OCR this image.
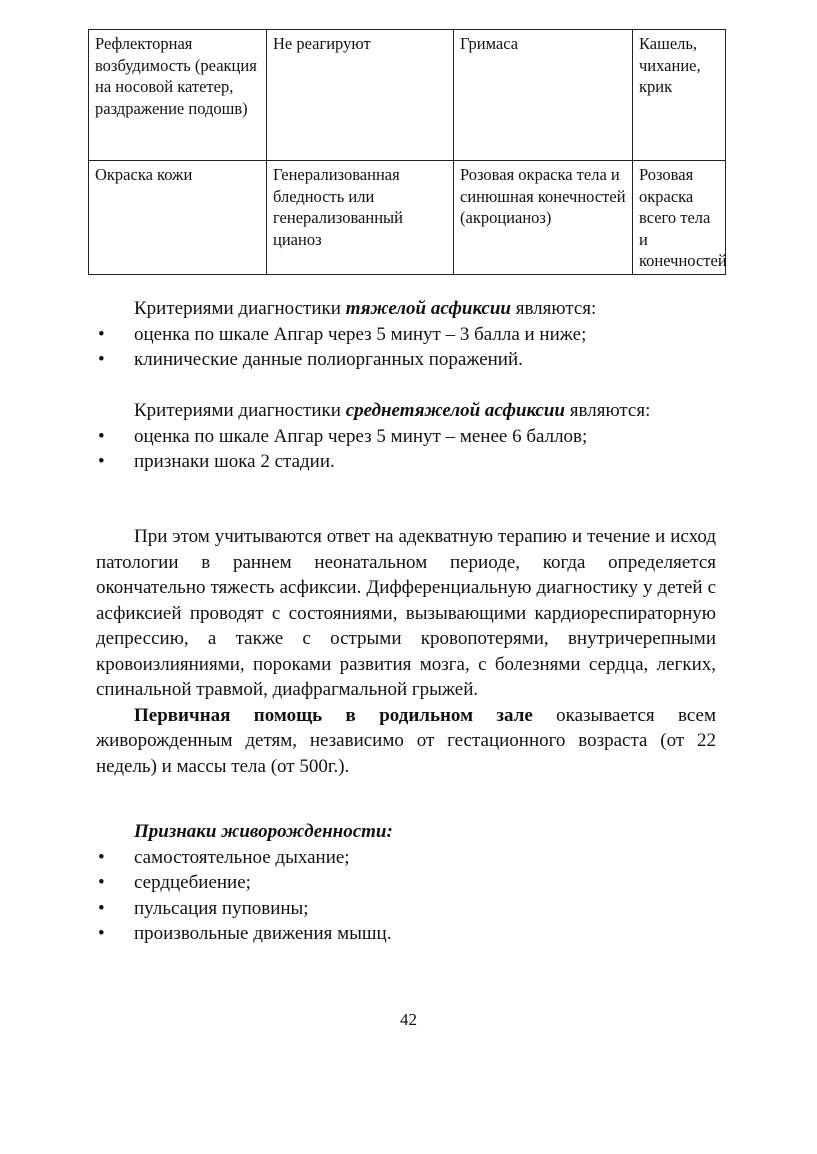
Рефлекторная возбудимость (реакция на носовой катетер, раздражение подошв)	Не реагируют	Гримаса	Кашель, чихание, крик
Окраска кожи	Генерализованная бледность или генерализованный цианоз	Розовая окраска тела и синюшная конечностей (акроцианоз)	Розовая окраска всего тела и конечностей

Критериями диагностики тяжелой асфиксии являются:

• оценка по шкале Апгар через 5 минут – 3 балла и ниже;
• клинические данные полиорганных поражений.

Критериями диагностики среднетяжелой асфиксии являются:

• оценка по шкале Апгар через 5 минут – менее 6 баллов;
• признаки шока 2 стадии.

При этом учитываются ответ на адекватную терапию и течение и исход патологии в раннем неонатальном периоде, когда определяется окончательно тяжесть асфиксии. Дифференциальную диагностику у детей с асфиксией проводят с состояниями, вызывающими кардиореспираторную депрессию, а также с острыми кровопотерями, внутричерепными кровоизлияниями, пороками развития мозга, с болезнями сердца, легких, спинальной травмой, диафрагмальной грыжей.

Первичная помощь в родильном зале оказывается всем живорожденным детям, независимо от гестационного возраста (от 22 недель) и массы тела (от 500г.).

Признаки живорожденности:

• самостоятельное дыхание;
• сердцебиение;
• пульсация пуповины;
• произвольные движения мышц.
42
